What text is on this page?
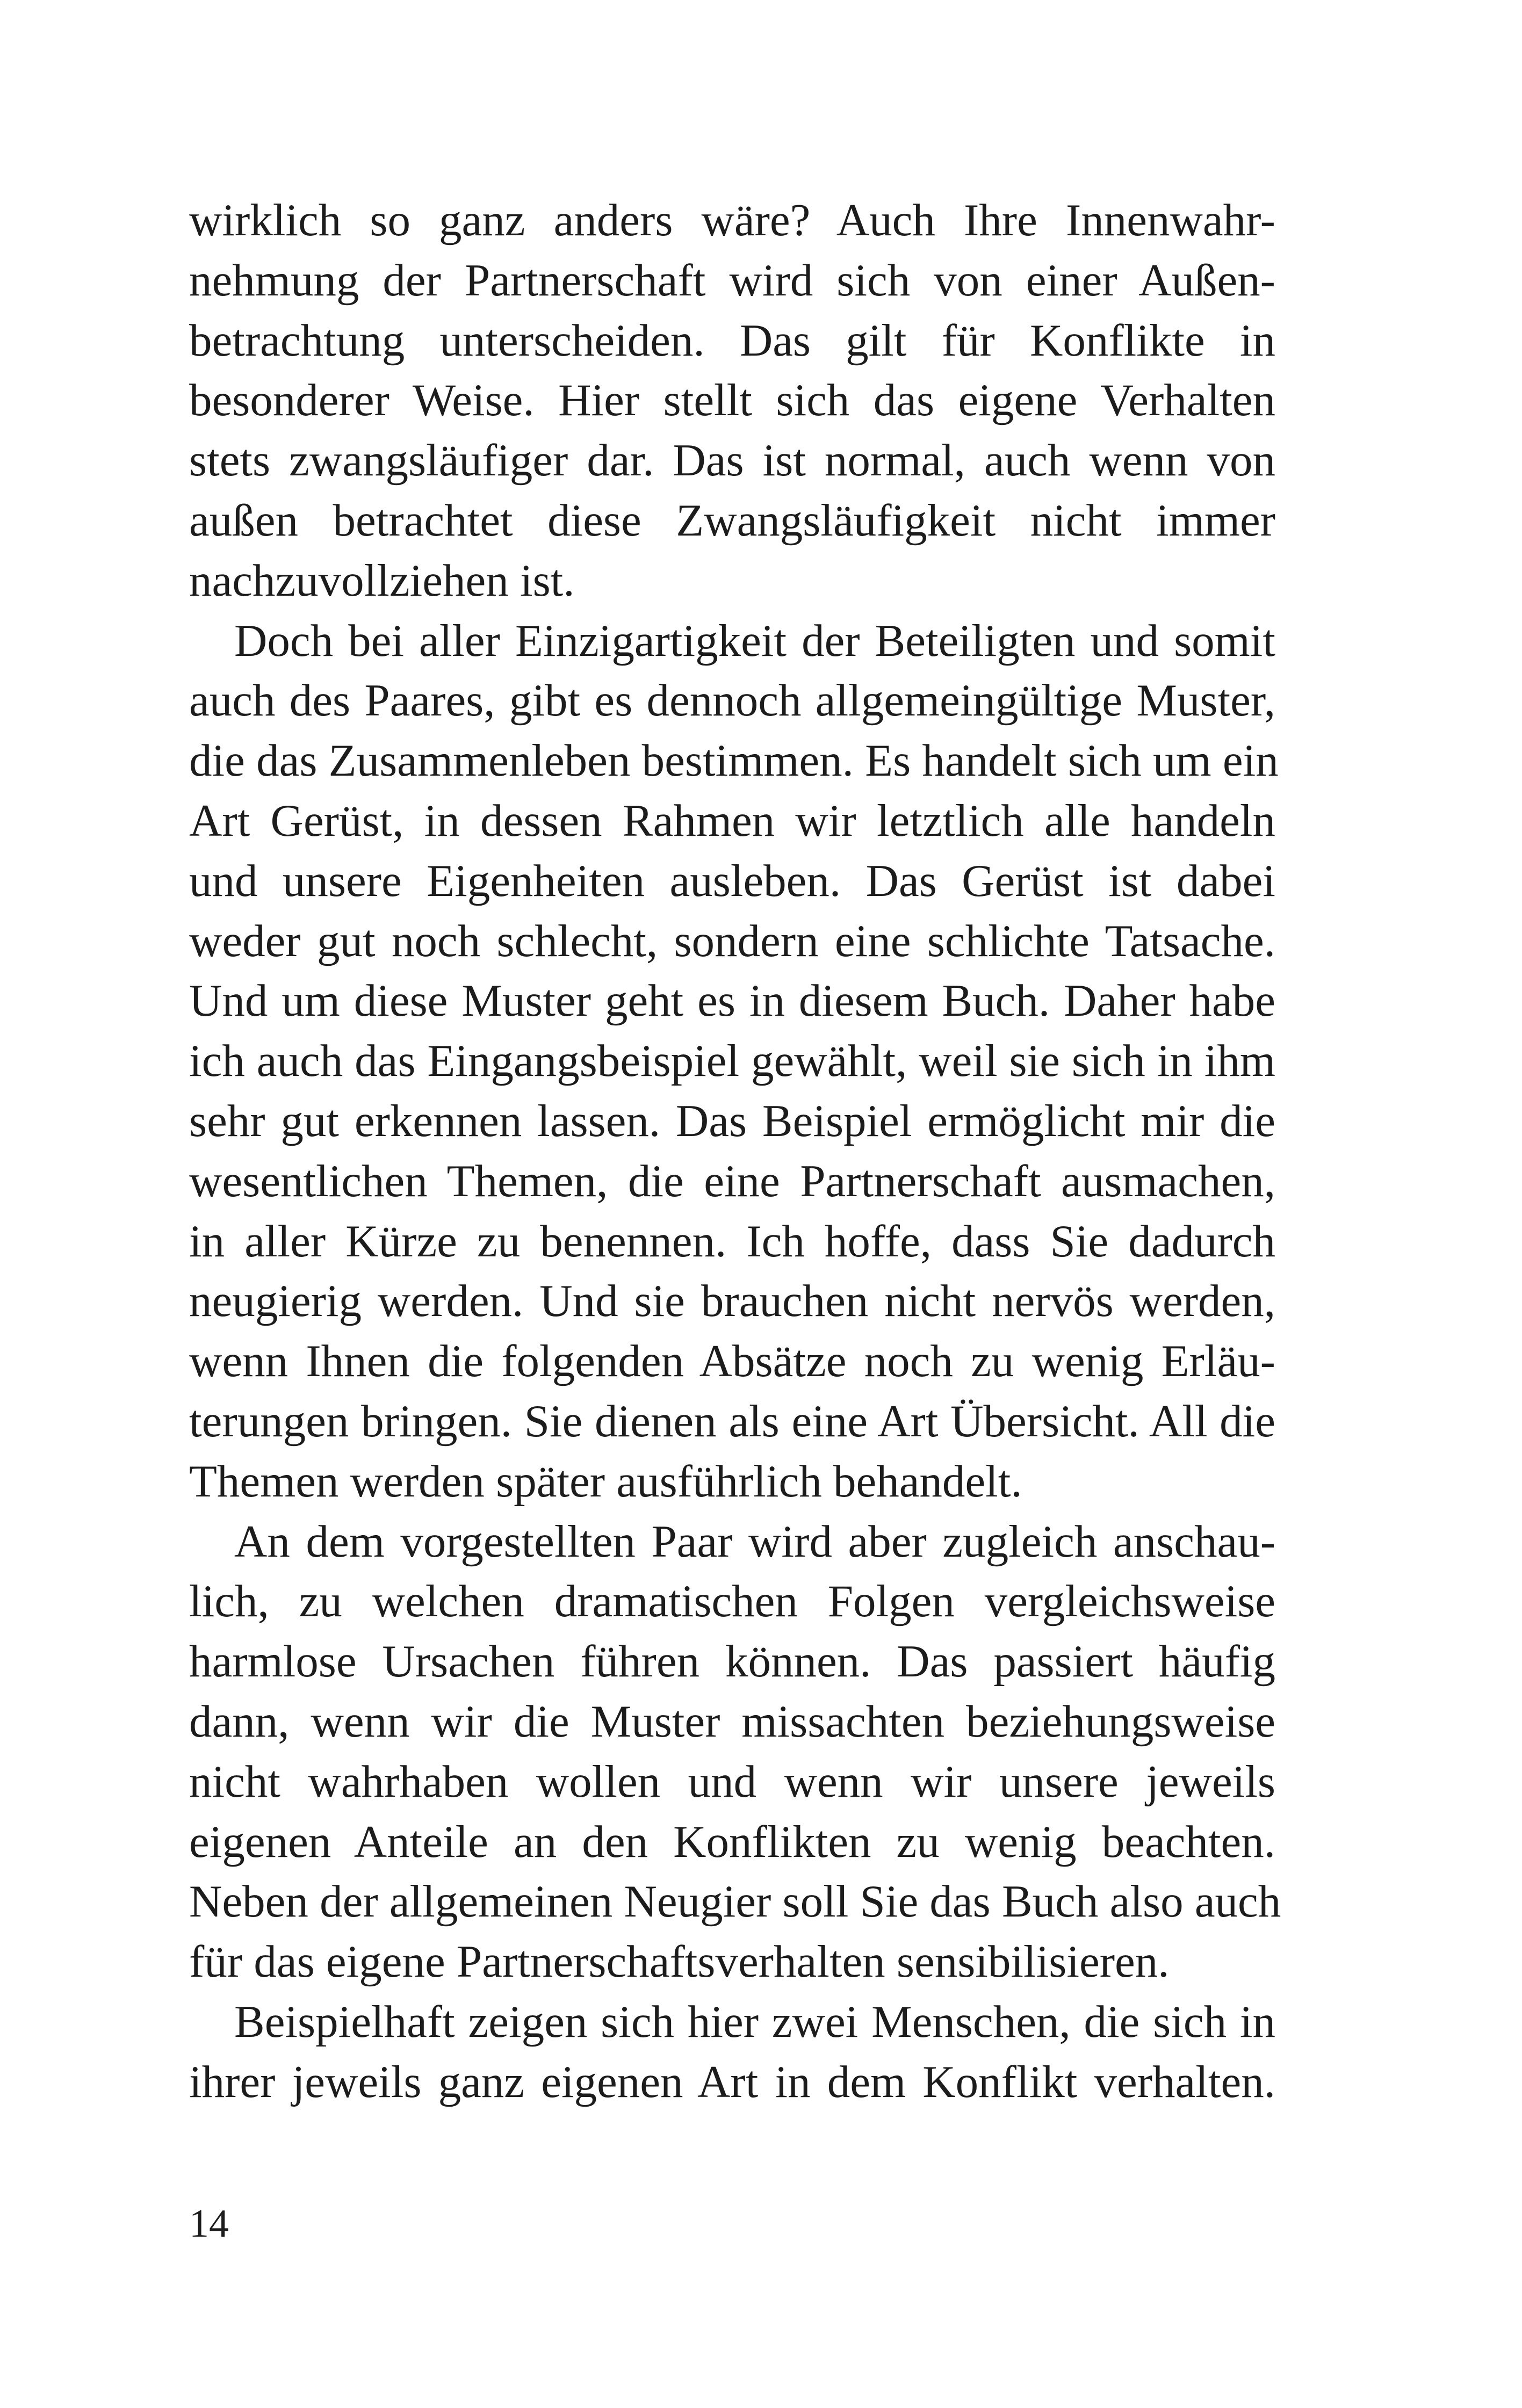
wirklich so ganz anders wäre? Auch Ihre Innenwahr-
nehmung der Partnerschaft wird sich von einer Außen-
betrachtung unterscheiden. Das gilt für Konflikte in
besonderer Weise. Hier stellt sich das eigene Verhalten
stets zwangsläufiger dar. Das ist normal, auch wenn von
außen betrachtet diese Zwangsläufigkeit nicht immer
nachzuvollziehen ist.

Doch bei aller Einzigartigkeit der Beteiligten und somit
auch des Paares, gibt es dennoch allgemeingültige Muster,
die das Zusammenleben bestimmen. Es handelt sich um ein
Art Gerüst, in dessen Rahmen wir letztlich alle handeln
und unsere Eigenheiten ausleben. Das Gerüst ist dabei
weder gut noch schlecht, sondern eine schlichte Tatsache.
Und um diese Muster geht es in diesem Buch. Daher habe
ich auch das Eingangsbeispiel gewählt, weil sie sich in ihm
sehr gut erkennen lassen. Das Beispiel ermöglicht mir die
wesentlichen Themen, die eine Partnerschaft ausmachen,
in aller Kürze zu benennen. Ich hoffe, dass Sie dadurch
neugierig werden. Und sie brauchen nicht nervös werden,
wenn Ihnen die folgenden Absätze noch zu wenig Erläu-
terungen bringen. Sie dienen als eine Art Übersicht. All die
Themen werden später ausführlich behandelt.

An dem vorgestellten Paar wird aber zugleich anschau-
lich, zu welchen dramatischen Folgen vergleichsweise
harmlose Ursachen führen können. Das passiert häufig
dann, wenn wir die Muster missachten beziehungsweise
nicht wahrhaben wollen und wenn wir unsere jeweils
eigenen Anteile an den Konflikten zu wenig beachten.
Neben der allgemeinen Neugier soll Sie das Buch also auch
für das eigene Partnerschaftsverhalten sensibilisieren.

Beispielhaft zeigen sich hier zwei Menschen, die sich in
ihrer jeweils ganz eigenen Art in dem Konflikt verhalten.

14
